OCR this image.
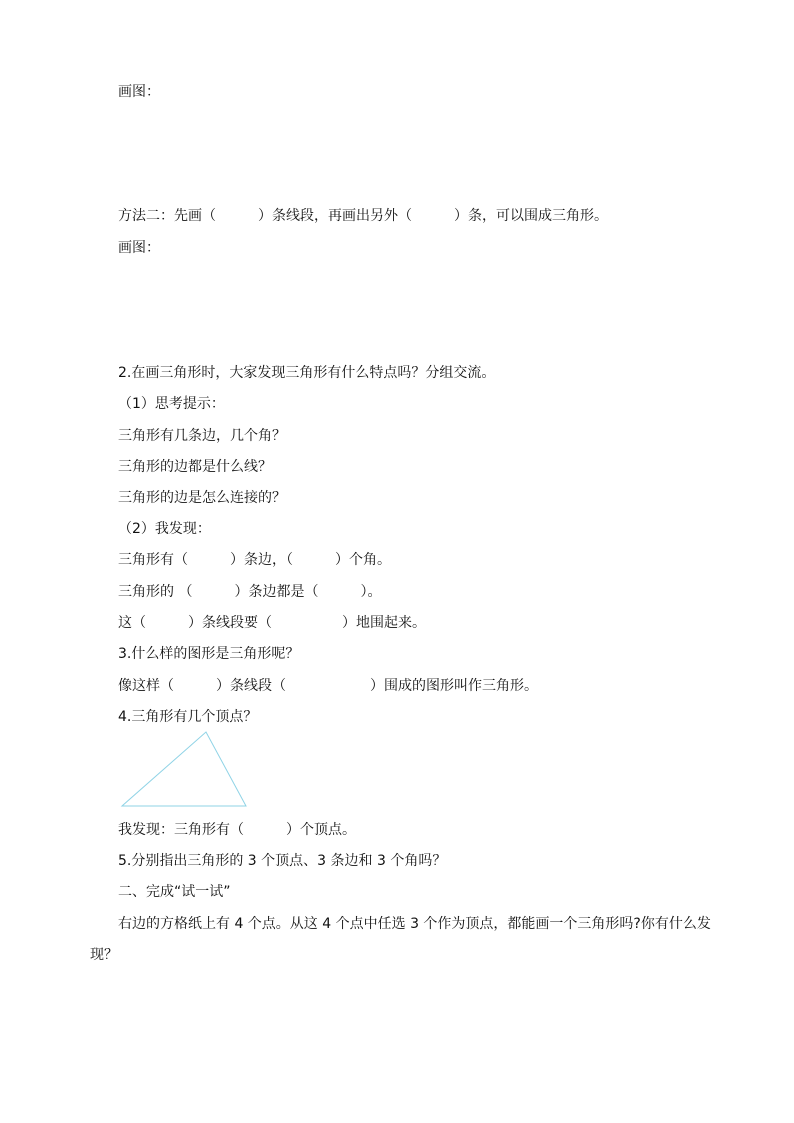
画图：
方法二：先画（　　　）条线段，再画出另外（　　　）条，可以围成三角形。
画图：
2.在画三角形时，大家发现三角形有什么特点吗？分组交流。
（1）思考提示：
三角形有几条边，几个角？
三角形的边都是什么线？
三角形的边是怎么连接的？
（2）我发现：
三角形有（　　　）条边，（　　　）个角。
三角形的 （　　　）条边都是（　　　）。
这（　　　）条线段要（　　　　　）地围起来。
3.什么样的图形是三角形呢？
像这样（　　　）条线段（　　　　　　）围成的图形叫作三角形。
4.三角形有几个顶点？
我发现：三角形有（　　　）个顶点。
5.分别指出三角形的 3 个顶点、3 条边和 3 个角吗？
二、完成“试一试”
右边的方格纸上有 4 个点。从这 4 个点中任选 3 个作为顶点，都能画一个三角形吗?你有什么发
现？
